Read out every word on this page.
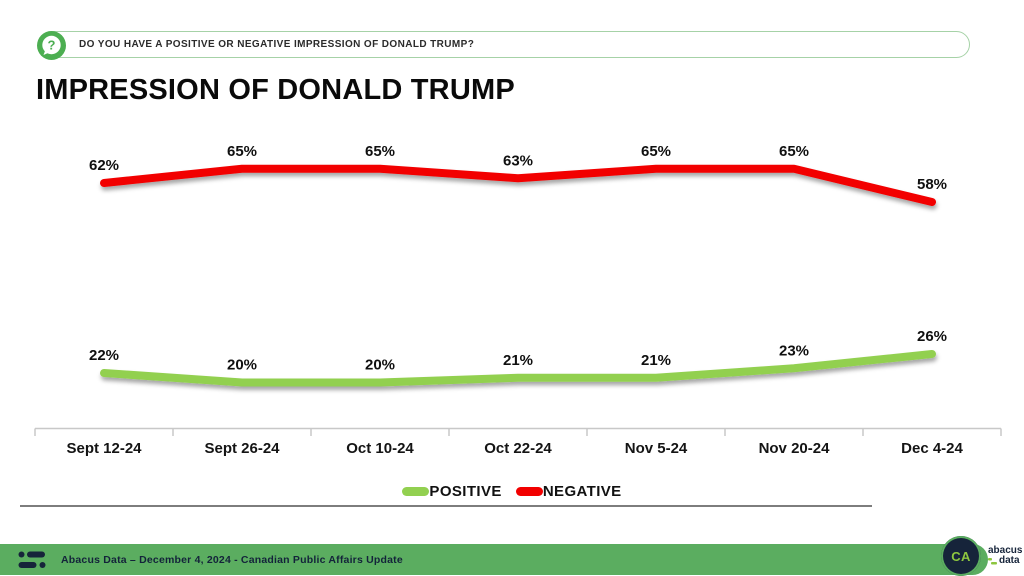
DO YOU HAVE A POSITIVE OR NEGATIVE IMPRESSION OF DONALD TRUMP?
?
IMPRESSION OF DONALD TRUMP
Sept 12-24	Sept 26-24	Oct 10-24	Oct 22-24	Nov 5-24	Nov 20-24	Dec 4-24
22%
20%	20%	21%	21%
23%
26%
62%
65%	65%
63%
65%	65%
58%
POSITIVE	NEGATIVE
Abacus Data – December 4, 2024 - Canadian Public Affairs Update	CA abacus
data
